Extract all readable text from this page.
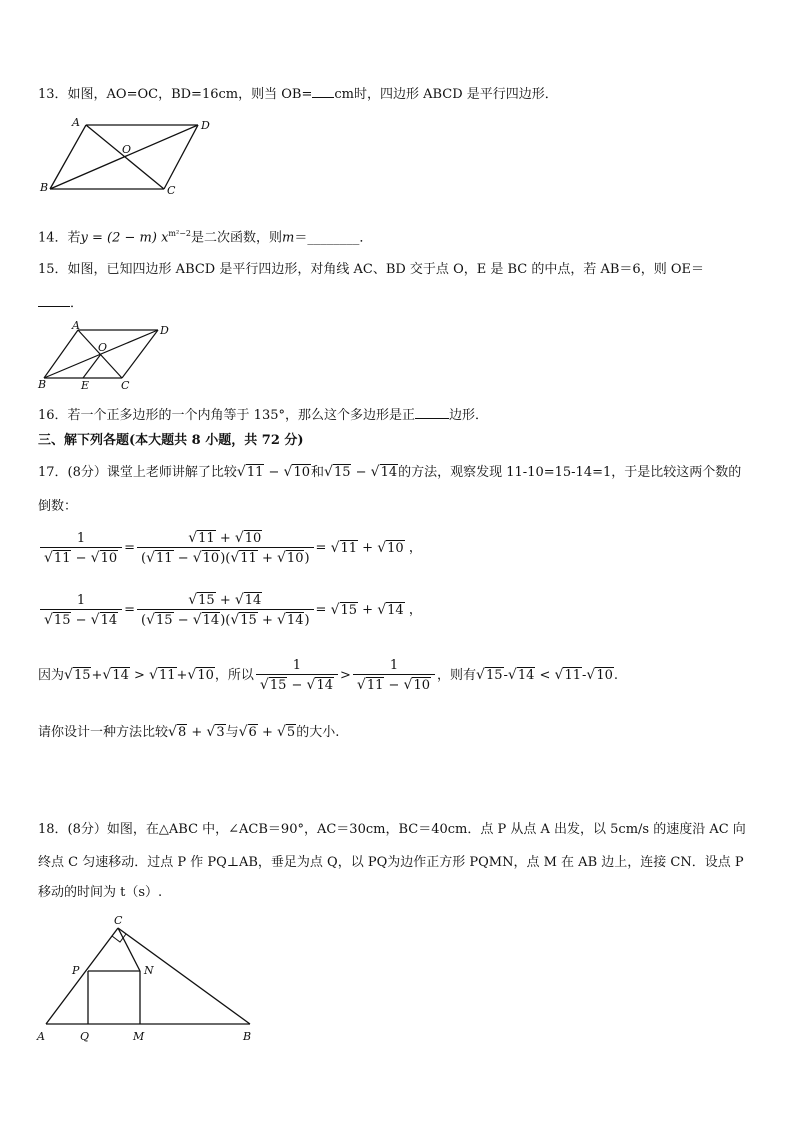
13．如图，AO=OC，BD=16cm，则当 OB= cm时，四边形 ABCD 是平行四边形．
A	D
O
B	C
14．若y = (2 − m) $x^{m^2-2}$是二次函数，则m＝________．
15．如图，已知四边形 ABCD 是平行四边形，对角线 AC、BD 交于点 O，E 是 BC 的中点，若 AB＝6，则 OE＝
．
A	D
O
B	E	C
16．若一个正多边形的一个内角等于 135°，那么这个多边形是正	边形．
三、解下列各题(本大题共 8 小题，共 72 分)
17．(8分）课堂上老师讲解了比较√11 − √10和√15 − √14的方法，观察发现 11-10=15-14=1，于是比较这两个数的
倒数：
$\frac{1}{√11 - √10} = \frac{√11 + √10}{(√11 - √10)(√11 + √10)} = √11 + √10$ ，
$\frac{1}{√15 - √14} = \frac{√15 + √14}{(√15 - √14)(√15 + √14)} = √15 + √14$ ，
因为√15+√14 > √11+√10，所以 $\frac{1}{√15 - √14} > \frac{1}{√11 - √10}$ ，则有√15-√14 < √11-√10.
请你设计一种方法比较√8 + √3与√6 + √5的大小.
18．(8分）如图，在△ABC 中，∠ACB＝90°，AC＝30cm，BC＝40cm．点 P 从点 A 出发，以 5cm/s 的速度沿 AC 向
终点 C 匀速移动．过点 P 作 PQ⊥AB，垂足为点 Q，以 PQ为边作正方形 PQMN，点 M 在 AB 边上，连接 CN．设点 P
移动的时间为 t（s）.
C
P	N
A	Q	M	B
